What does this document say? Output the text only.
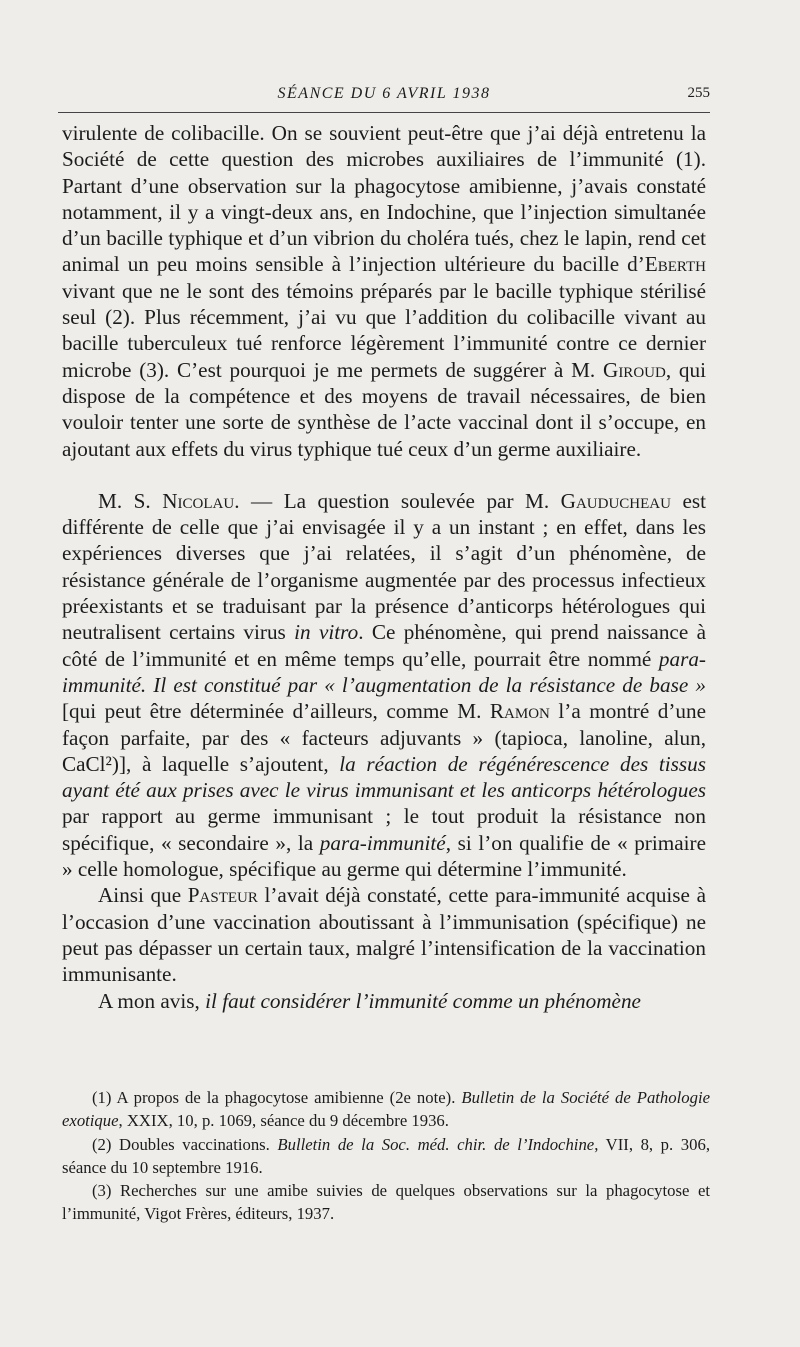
SÉANCE DU 6 AVRIL 1938	255

virulente de colibacille. On se souvient peut-être que j’ai déjà entretenu la Société de cette question des microbes auxiliaires de l’immunité (1). Partant d’une observation sur la phagocytose amibienne, j’avais constaté notamment, il y a vingt-deux ans, en Indochine, que l’injection simultanée d’un bacille typhique et d’un vibrion du choléra tués, chez le lapin, rend cet animal un peu moins sensible à l’injection ultérieure du bacille d’Eberth vivant que ne le sont des témoins préparés par le bacille typhique stérilisé seul (2). Plus récemment, j’ai vu que l’addition du colibacille vivant au bacille tuberculeux tué renforce légèrement l’immunité contre ce dernier microbe (3). C’est pourquoi je me permets de suggérer à M. Giroud, qui dispose de la compétence et des moyens de travail nécessaires, de bien vouloir tenter une sorte de synthèse de l’acte vaccinal dont il s’occupe, en ajoutant aux effets du virus typhique tué ceux d’un germe auxiliaire.

M. S. Nicolau. — La question soulevée par M. Gauducheau est différente de celle que j’ai envisagée il y a un instant ; en effet, dans les expériences diverses que j’ai relatées, il s’agit d’un phénomène, de résistance générale de l’organisme augmentée par des processus infectieux préexistants et se traduisant par la présence d’anticorps hétérologues qui neutralisent certains virus in vitro. Ce phénomène, qui prend naissance à côté de l’immunité et en même temps qu’elle, pourrait être nommé para-immunité. Il est constitué par « l’augmentation de la résistance de base » [qui peut être déterminée d’ailleurs, comme M. Ramon l’a montré d’une façon parfaite, par des « facteurs adjuvants » (tapioca, lanoline, alun, CaCl²)], à laquelle s’ajoutent, la réaction de régénérescence des tissus ayant été aux prises avec le virus immunisant et les anticorps hétérologues par rapport au germe immunisant ; le tout produit la résistance non spécifique, « secondaire », la para-immunité, si l’on qualifie de « primaire » celle homologue, spécifique au germe qui détermine l’immunité.

Ainsi que Pasteur l’avait déjà constaté, cette para-immunité acquise à l’occasion d’une vaccination aboutissant à l’immunisation (spécifique) ne peut pas dépasser un certain taux, malgré l’intensification de la vaccination immunisante.

A mon avis, il faut considérer l’immunité comme un phénomène

(1) A propos de la phagocytose amibienne (2e note). Bulletin de la Société de Pathologie exotique, XXIX, 10, p. 1069, séance du 9 décembre 1936.

(2) Doubles vaccinations. Bulletin de la Soc. méd. chir. de l’Indochine, VII, 8, p. 306, séance du 10 septembre 1916.

(3) Recherches sur une amibe suivies de quelques observations sur la phagocytose et l’immunité, Vigot Frères, éditeurs, 1937.
